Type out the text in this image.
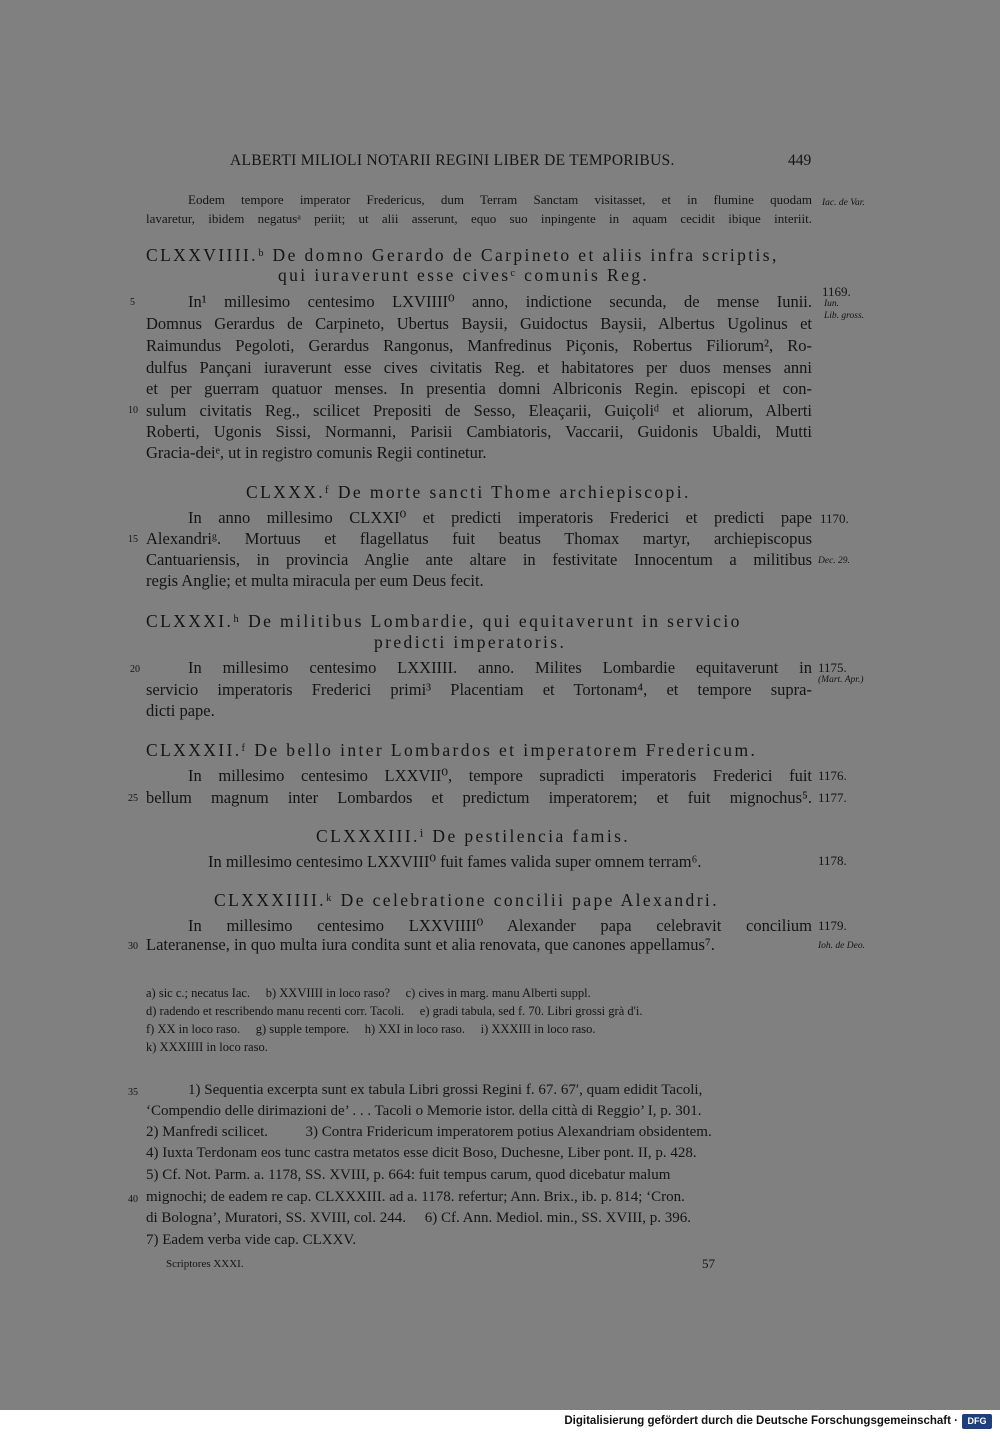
ALBERTI MILIOLI NOTARII REGINI LIBER DE TEMPORIBUS.	449
Eodem tempore imperator Fredericus, dum Terram Sanctam visitasset, et in flumine quodam
lavaretur, ibidem negatusᵃ periit; ut alii asserunt, equo suo inpingente in aquam cecidit ibique interiit.
Iac. de Var.
CLXXVIIII.ᵇ De domno Gerardo de Carpineto et aliis infra scriptis,
qui iuraverunt esse civesᶜ comunis Reg.
In¹ millesimo centesimo LXVIIII⁰ anno, indictione secunda, de mense Iunii.
Domnus Gerardus de Carpineto, Ubertus Baysii, Guidoctus Baysii, Albertus Ugolinus et
Raimundus Pegoloti, Gerardus Rangonus, Manfredinus Piçonis, Robertus Filiorum², Ro-
dulfus Pançani iuraverunt esse cives civitatis Reg. et habitatores per duos menses anni
et per guerram quatuor menses. In presentia domni Albriconis Regin. episcopi et con-
sulum civitatis Reg., scilicet Prepositi de Sesso, Eleaçarii, Guiçoliᵈ et aliorum, Alberti
Roberti, Ugonis Sissi, Normanni, Parisii Cambiatoris, Vaccarii, Guidonis Ubaldi, Mutti
Gracia-deiᵉ, ut in registro comunis Regii continetur.
5
10
1169.
Iun.
Lib. gross.
CLXXX.ᶠ De morte sancti Thome archiepiscopi.
In anno millesimo CLXXI⁰ et predicti imperatoris Frederici et predicti pape
Alexandriᵍ. Mortuus et flagellatus fuit beatus Thomax martyr, archiepiscopus
Cantuariensis, in provincia Anglie ante altare in festivitate Innocentum a militibus
regis Anglie; et multa miracula per eum Deus fecit.
15
1170.
Dec. 29.
CLXXXI.ʰ De militibus Lombardie, qui equitaverunt in servicio
predicti imperatoris.
In millesimo centesimo LXXIIII. anno. Milites Lombardie equitaverunt in
servicio imperatoris Frederici primi³ Placentiam et Tortonam⁴, et tempore supra-
dicti pape.
20	1175.
(Mart. Apr.)
CLXXXII.ᶠ De bello inter Lombardos et imperatorem Fredericum.
In millesimo centesimo LXXVII⁰, tempore supradicti imperatoris Frederici fuit
bellum magnum inter Lombardos et predictum imperatorem; et fuit mignochus⁵.
25
1176.
1177.
CLXXXIII.ⁱ De pestilencia famis.
In millesimo centesimo LXXVIII⁰ fuit fames valida super omnem terram⁶.	1178.
CLXXXIIII.ᵏ De celebratione concilii pape Alexandri.
In millesimo centesimo LXXVIIII⁰ Alexander papa celebravit concilium
Lateranense, in quo multa iura condita sunt et alia renovata, que canones appellamus⁷.
30
1179.
Ioh. de Deo.
a) sic c.; necatus Iac.     b) XXVIIII in loco raso?     c) cives in marg. manu Alberti suppl.
d) radendo et rescribendo manu recenti corr. Tacoli.     e) gradi tabula, sed f. 70. Libri grossi grà d'i.
f) XX in loco raso.     g) supple tempore.     h) XXI in loco raso.     i) XXXIII in loco raso.
k) XXXIIII in loco raso.
1) Sequentia excerpta sunt ex tabula Libri grossi Regini f. 67. 67′, quam edidit Tacoli,
‘Compendio delle dirimazioni de’ . . . Tacoli o Memorie istor. della città di Reggio’ I, p. 301.
2) Manfredi scilicet.          3) Contra Fridericum imperatorem potius Alexandriam obsidentem.
4) Iuxta Terdonam eos tunc castra metatos esse dicit Boso, Duchesne, Liber pont. II, p. 428.
5) Cf. Not. Parm. a. 1178, SS. XVIII, p. 664: fuit tempus carum, quod dicebatur malum
mignochi; de eadem re cap. CLXXXIII. ad a. 1178. refertur; Ann. Brix., ib. p. 814; ‘Cron.
di Bologna’, Muratori, SS. XVIII, col. 244.     6) Cf. Ann. Mediol. min., SS. XVIII, p. 396.
7) Eadem verba vide cap. CLXXV.
35
40
Scriptores XXXI.	57
Digitalisierung gefördert durch die Deutsche Forschungsgemeinschaft ·	DFG
